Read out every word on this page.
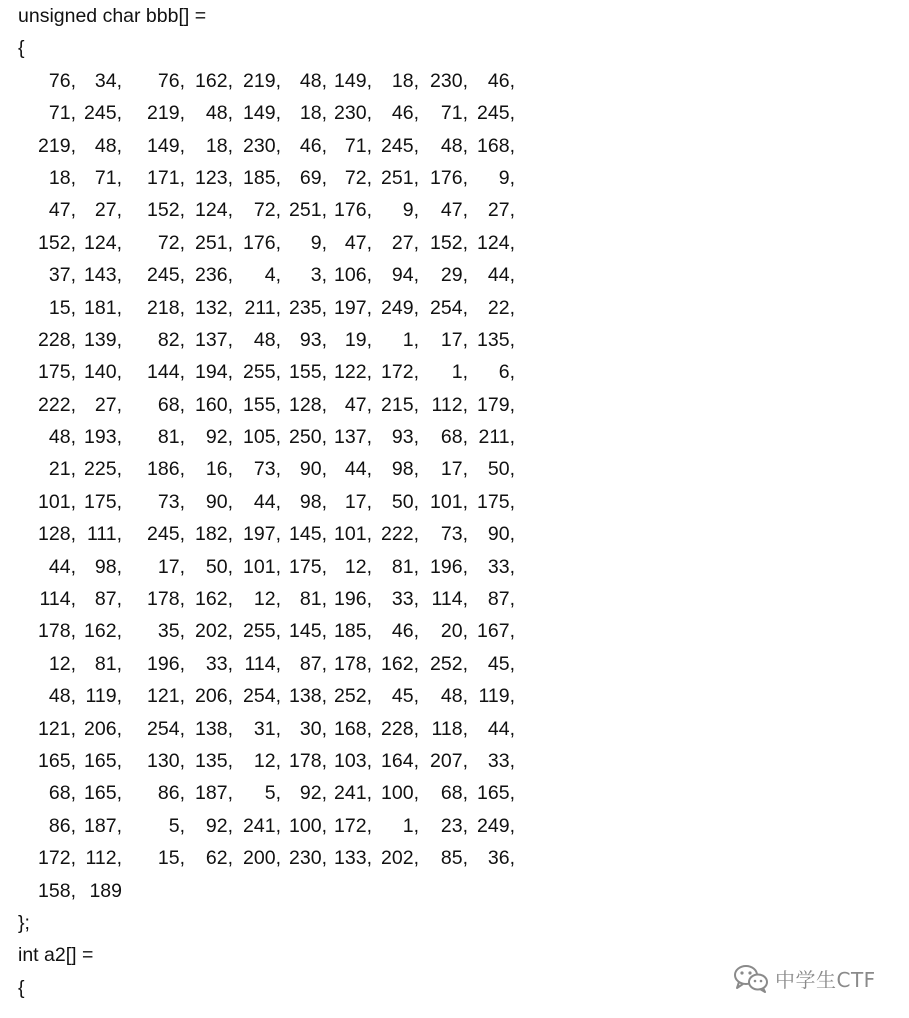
unsigned char bbb[] =
{
76, 34,	76, 162, 219, 48, 149,	18, 230,	46,
71, 245,	219,	48, 149, 18, 230,	46,	71, 245,
219, 48,	149,	18, 230, 46, 71, 245,	48, 168,
18, 71,	171, 123, 185, 69, 72, 251, 176,	9,
47, 27,	152, 124,	72, 251, 176,	9,	47,	27,
152, 124,	72, 251, 176,	9, 47,	27, 152, 124,
37, 143,	245, 236,	4,	3, 106,	94,	29,	44,
15, 181,	218, 132, 211, 235, 197, 249, 254,	22,
228, 139,	82, 137,	48, 93, 19,	1,	17, 135,
175, 140,	144, 194, 255, 155, 122, 172,	1,	6,
222, 27,	68, 160, 155, 128, 47, 215, 112, 179,
48, 193,	81,	92, 105, 250, 137,	93,	68, 211,
21, 225,	186,	16,	73, 90, 44,	98,	17,	50,
101, 175,	73,	90,	44, 98, 17,	50, 101, 175,
128, 111,	245, 182, 197, 145, 101, 222,	73,	90,
44, 98,	17,	50, 101, 175, 12,	81, 196,	33,
114, 87,	178, 162,	12, 81, 196,	33, 114,	87,
178, 162,	35, 202, 255, 145, 185,	46,	20, 167,
12, 81,	196,	33, 114, 87, 178, 162, 252,	45,
48, 119,	121, 206, 254, 138, 252,	45,	48, 119,
121, 206,	254, 138,	31, 30, 168, 228, 118,	44,
165, 165,	130, 135,	12, 178, 103, 164, 207,	33,
68, 165,	86, 187,	5, 92, 241, 100,	68, 165,
86, 187,	5,	92, 241, 100, 172,	1,	23, 249,
172, 112,	15,	62, 200, 230, 133, 202,	85,	36,
158, 189
};
int a2[] =
{	中学生CTF
